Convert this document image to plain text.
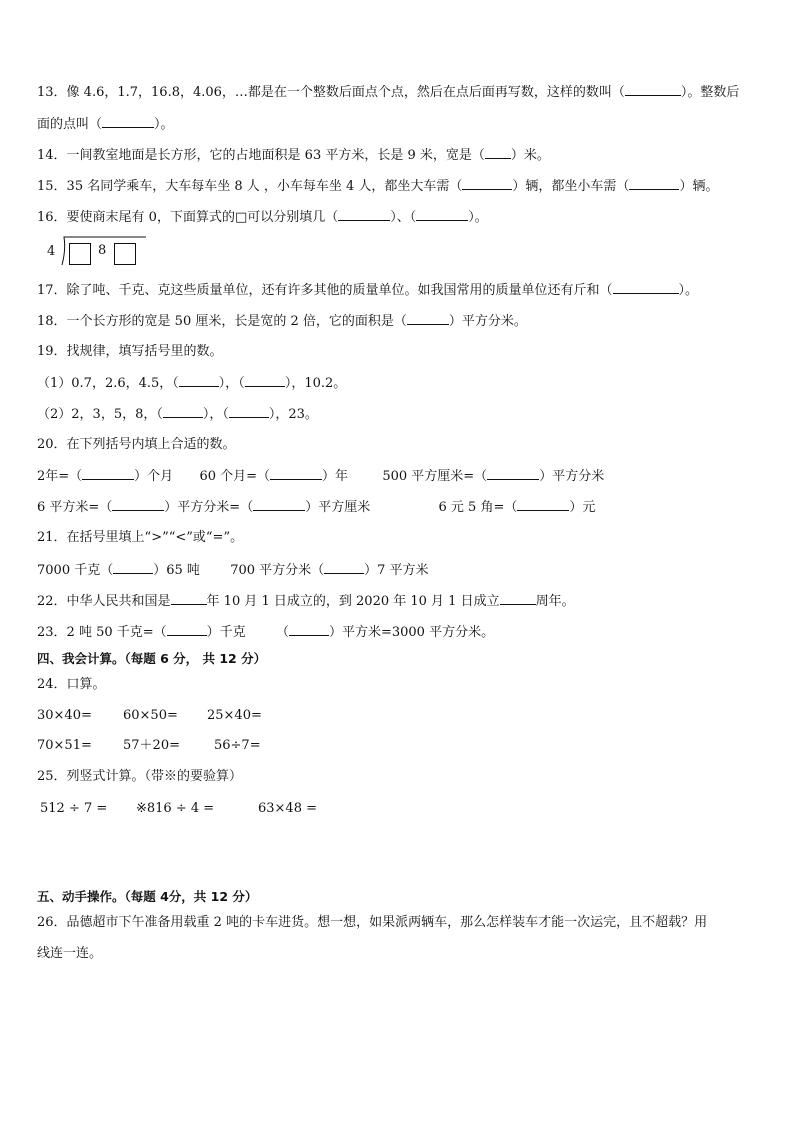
13．像 4.6，1.7，16.8，4.06，…都是在一个整数后面点个点，然后在点后面再写数，这样的数叫（	）。整数后
面的点叫（	）。
14．一间教室地面是长方形，它的占地面积是 63 平方米，长是 9 米，宽是（ ）米。
15．35 名同学乘车，大车每车坐 8 人 ，小车每车坐 4 人，都坐大车需（	）辆，都坐小车需（	）辆。
16．要使商末尾有 0，下面算式的□可以分别填几（	）、（	）。
4	8
17．除了吨、千克、克这些质量单位，还有许多其他的质量单位。如我国常用的质量单位还有斤和（	）。
18．一个长方形的宽是 50 厘米，长是宽的 2 倍，它的面积是（	）平方分米。
19．找规律，填写括号里的数。
（1）0.7，2.6，4.5，（	），（	），10.2。
（2）2，3，5，8，（	），（	），23。
20．在下列括号内填上合适的数。
2年=（	）个月 60 个月=（	）年	500 平方厘米=（	）平方分米
6 平方米=（	）平方分米=（	）平方厘米	6 元 5 角=（	）元
21．在括号里填上“>”“<”或“=”。
7000 千克（	）65 吨 700 平方分米（	）7 平方米
22．中华人民共和国是	年 10 月 1 日成立的，到 2020 年 10 月 1 日成立	周年。
23．2 吨 50 千克=（	）千克 （	）平方米=3000 平方分米。
四、我会计算。（每题 6 分， 共 12 分）
24．口算。
30×40= 60×50= 25×40=
70×51= 57＋20=	56÷7=
25．列竖式计算。（带※的要验算）
512 ÷ 7 = ※816 ÷ 4 =	63×48 =
五、动手操作。（每题 4分，共 12 分）
26．品德超市下午准备用载重 2 吨的卡车进货。想一想，如果派两辆车，那么怎样装车才能一次运完，且不超载？用
线连一连。
